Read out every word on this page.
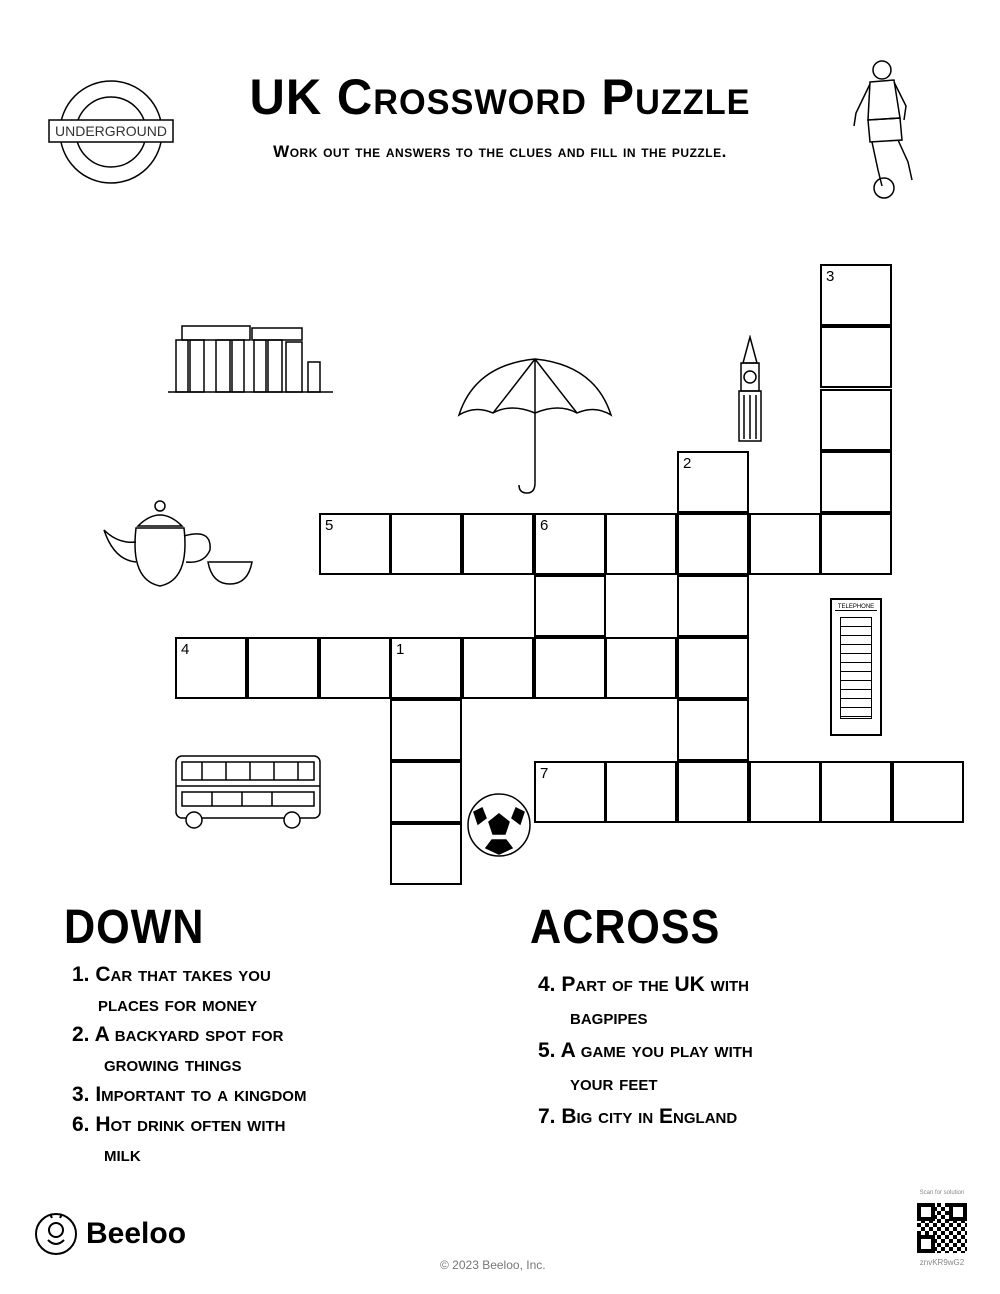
UNDERGROUND
UK Crossword Puzzle
Work out the answers to the clues and fill in the puzzle.
TELEPHONE
3
2
5	6
4	1
7
DOWN
1. Car that takes you
places for money
2. A backyard spot for
growing things
3. Important to a kingdom
6. Hot drink often with
milk
ACROSS
4. Part of the UK with
bagpipes
5. A game you play with
your feet
7. Big city in England
Beeloo
© 2023 Beeloo, Inc.
Scan for solution
znvKR9wG2
